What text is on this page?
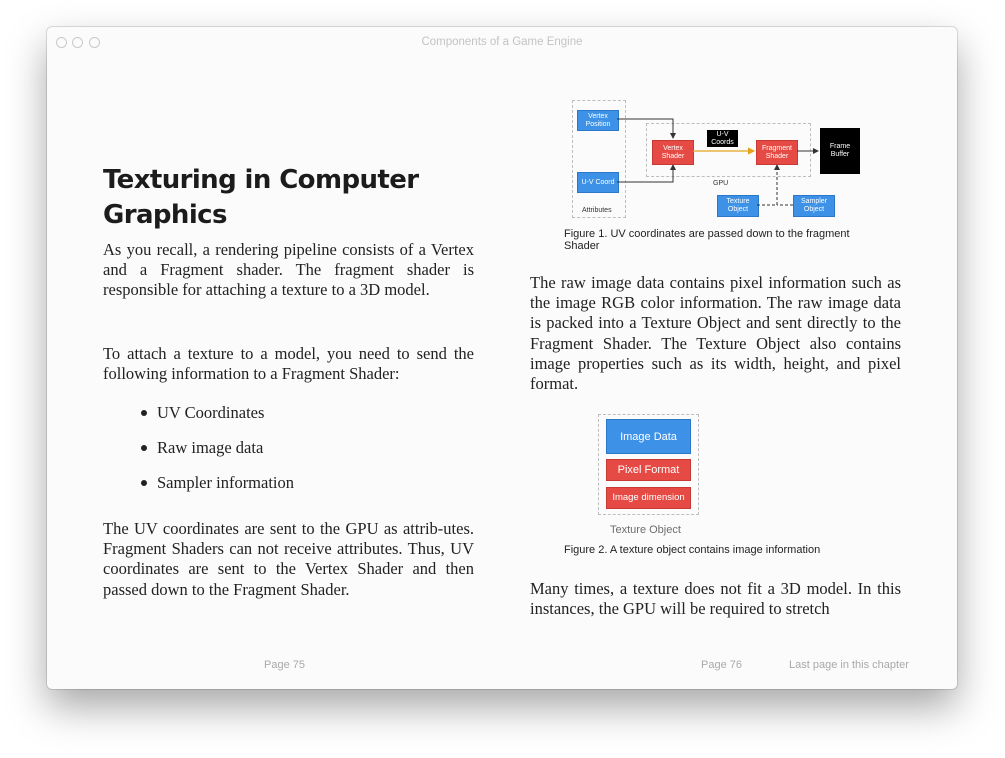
Components of a Game Engine
Texturing in Computer Graphics

As you recall, a rendering pipeline consists of a Vertex and a Fragment shader. The fragment shader is responsible for attaching a texture to a 3D model.

To attach a texture to a model, you need to send the following information to a Fragment Shader:

UV Coordinates
Raw image data
Sampler information

The UV coordinates are sent to the GPU as attrib-utes. Fragment Shaders can not receive attributes. Thus, UV coordinates are sent to the Vertex Shader and then passed down to the Fragment Shader.

Page 75
Vertex Position
U-V Coord
Attributes
Vertex Shader
U-V Coords
Fragment Shader
Frame Buffer
GPU
Texture Object
Sampler Object

Figure 1. UV coordinates are passed down to the fragment Shader

The raw image data contains pixel information such as the image RGB color information. The raw image data is packed into a Texture Object and sent directly to the Fragment Shader. The Texture Object also contains image properties such as its width, height, and pixel format.

Image Data
Pixel Format
Image dimension
Texture Object

Figure 2. A texture object contains image information

Many times, a texture does not fit a 3D model. In this instances, the GPU will be required to stretch

Page 76	Last page in this chapter
